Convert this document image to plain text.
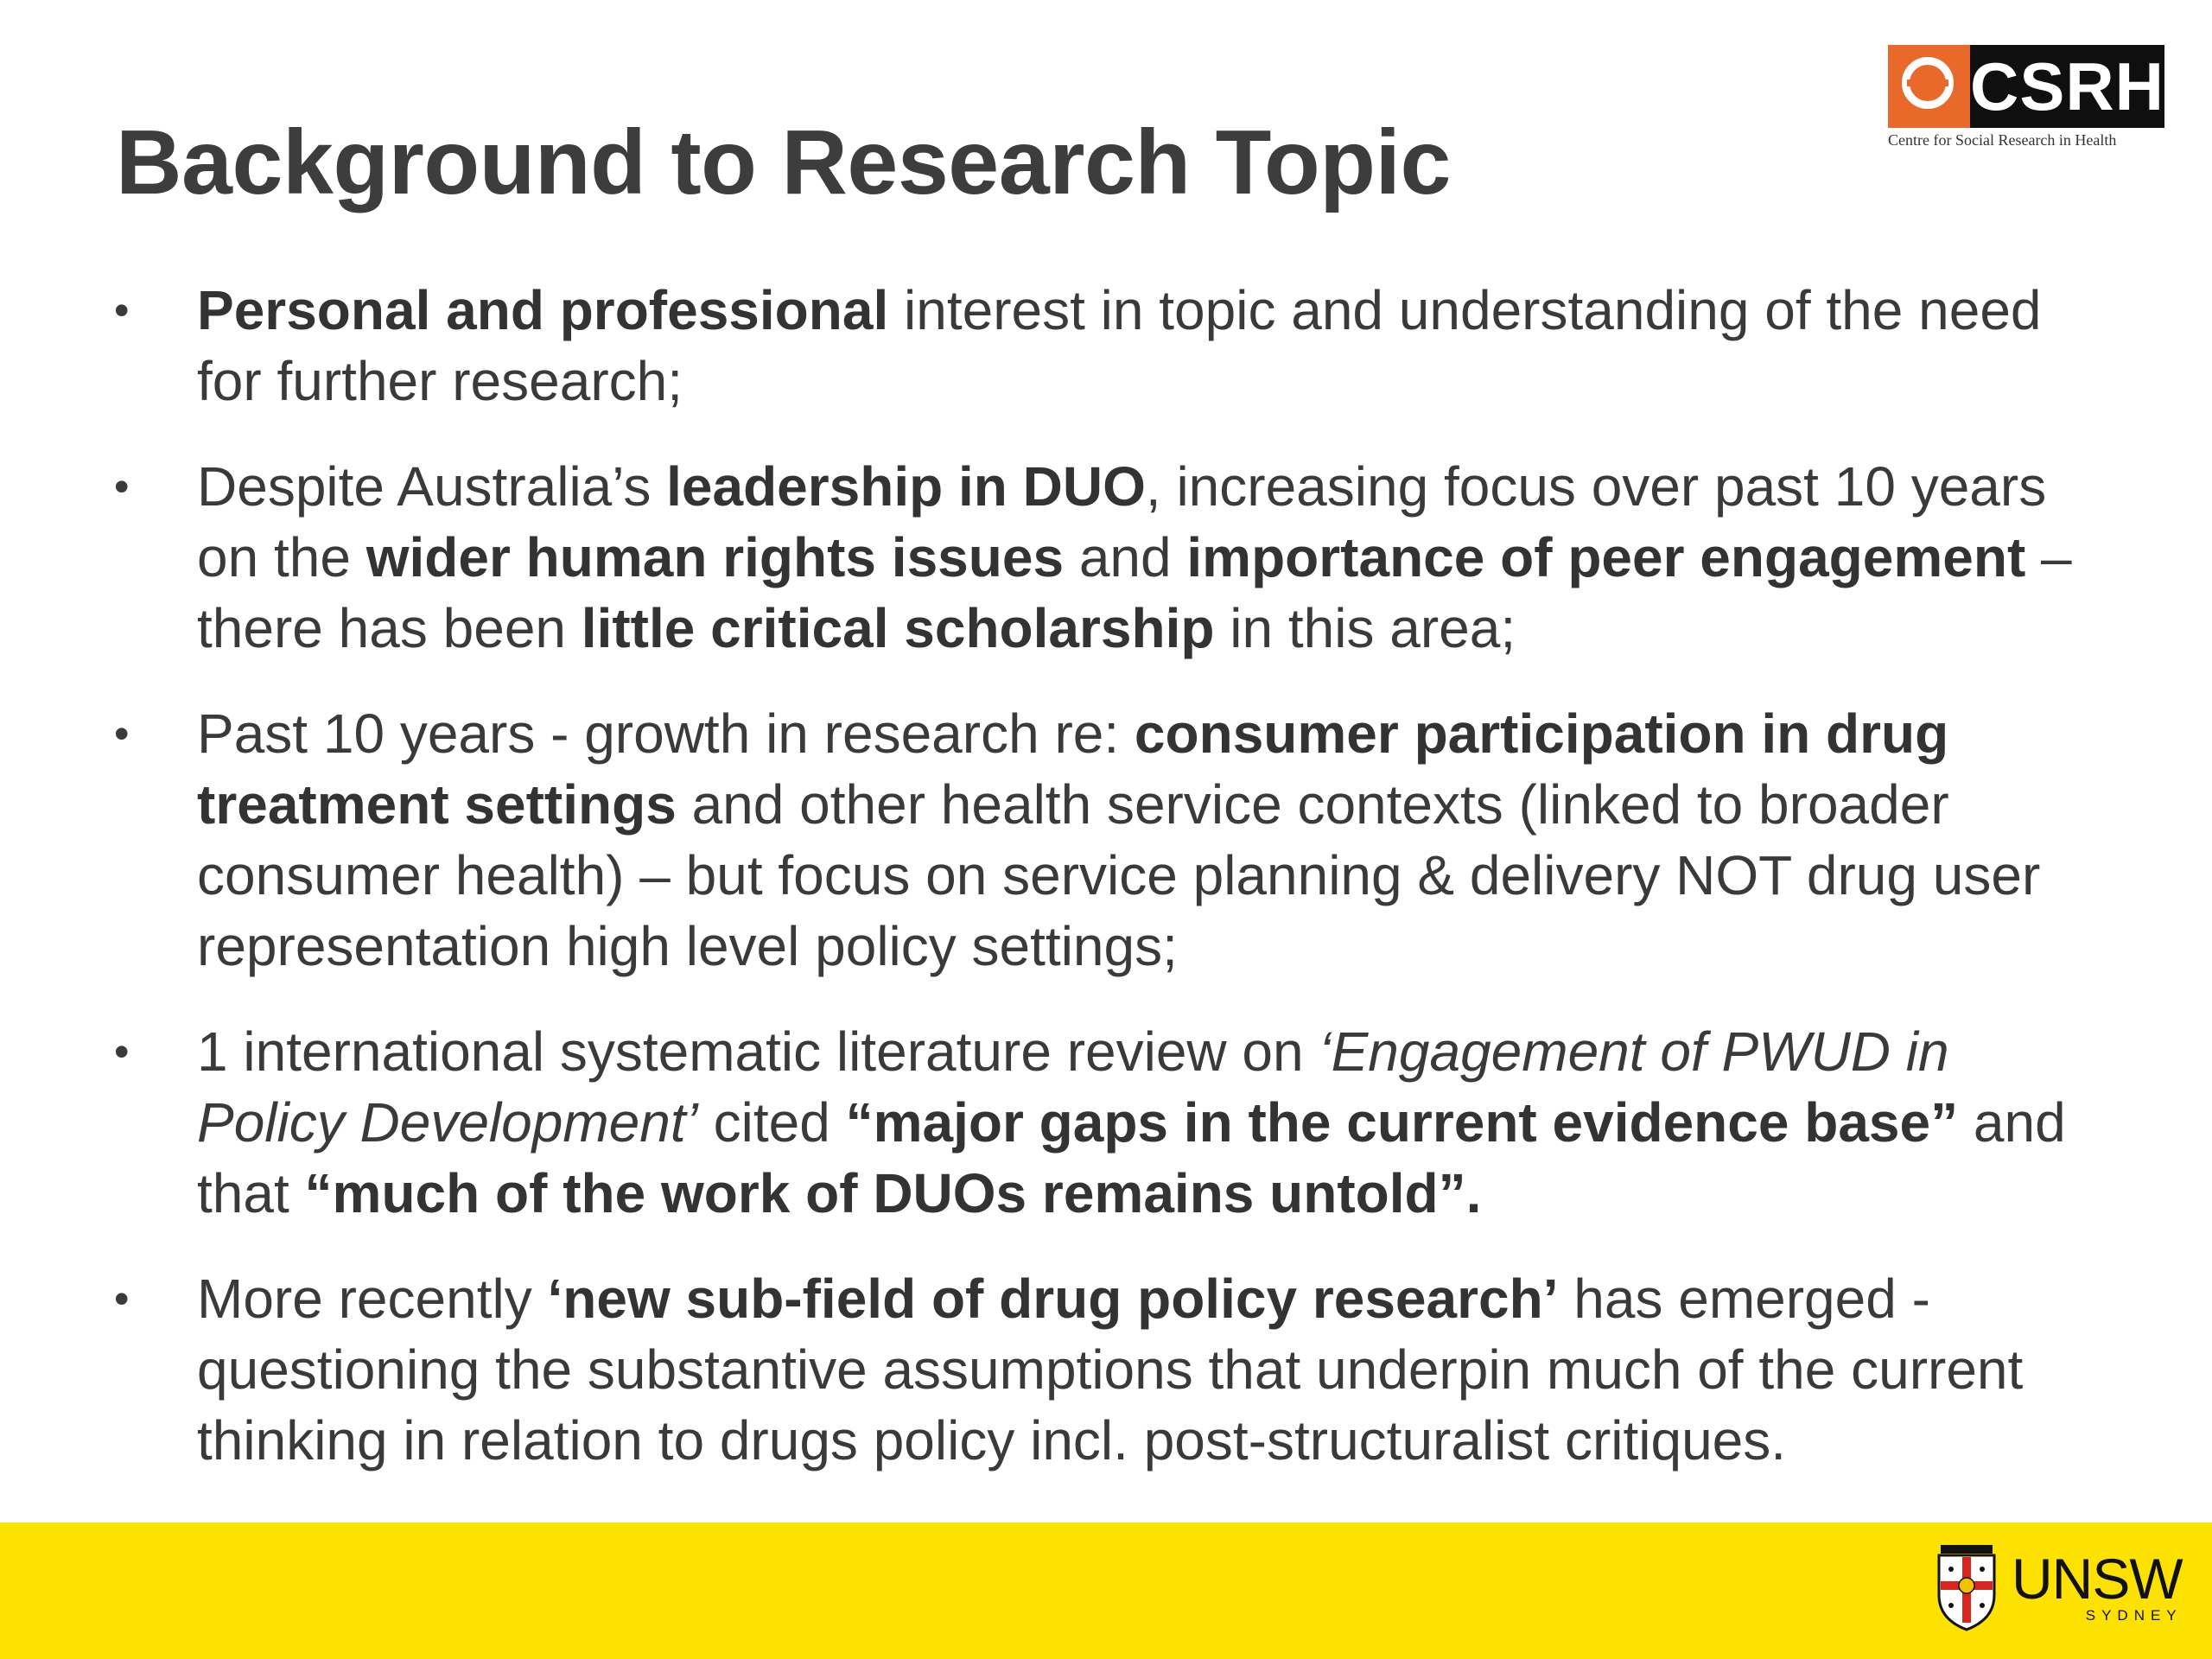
Background to Research Topic
CSRH
Centre for Social Research in Health
• Personal and professional interest in topic and understanding of the need for further research;
• Despite Australia’s leadership in DUO, increasing focus over past 10 years on the wider human rights issues and importance of peer engagement – there has been little critical scholarship in this area;
• Past 10 years - growth in research re: consumer participation in drug treatment settings and other health service contexts (linked to broader consumer health) – but focus on service planning & delivery NOT drug user representation high level policy settings;
• 1 international systematic literature review on ‘Engagement of PWUD in Policy Development’ cited “major gaps in the current evidence base” and that “much of the work of DUOs remains untold”.
• More recently ‘new sub-field of drug policy research’ has emerged - questioning the substantive assumptions that underpin much of the current thinking in relation to drugs policy incl. post-structuralist critiques.
UNSW
SYDNEY
